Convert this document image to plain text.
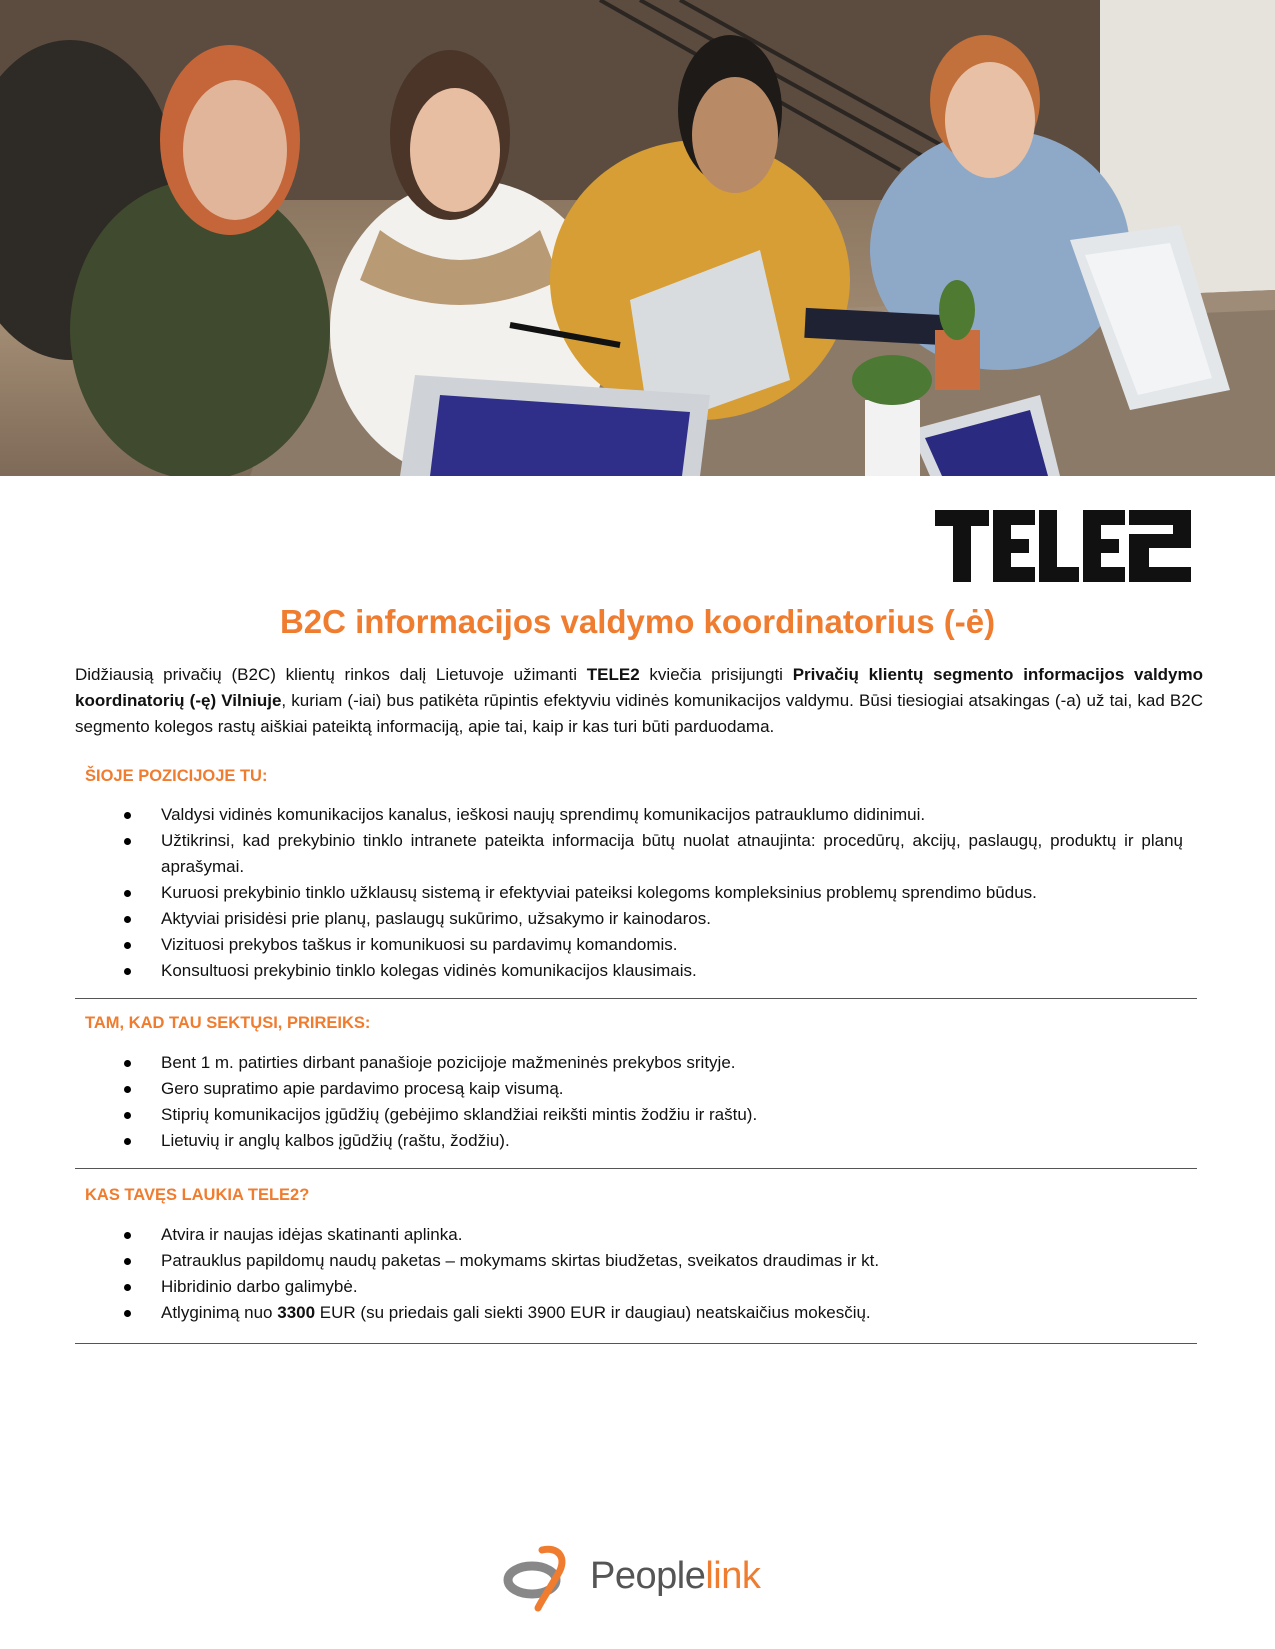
B2C informacijos valdymo koordinatorius (-ė)

Didžiausią privačių (B2C) klientų rinkos dalį Lietuvoje užimanti TELE2 kviečia prisijungti Privačių klientų segmento informacijos valdymo koordinatorių (-ę) Vilniuje, kuriam (-iai) bus patikėta rūpintis efektyviu vidinės komunikacijos valdymu. Būsi tiesiogiai atsakingas (-a) už tai, kad B2C segmento kolegos rastų aiškiai pateiktą informaciją, apie tai, kaip ir kas turi būti parduodama.

ŠIOJE POZICIJOJE TU:
Valdysi vidinės komunikacijos kanalus, ieškosi naujų sprendimų komunikacijos patrauklumo didinimui.
Užtikrinsi, kad prekybinio tinklo intranete pateikta informacija būtų nuolat atnaujinta: procedūrų, akcijų, paslaugų, produktų ir planų aprašymai.
Kuruosi prekybinio tinklo užklausų sistemą ir efektyviai pateiksi kolegoms kompleksinius problemų sprendimo būdus.
Aktyviai prisidėsi prie planų, paslaugų sukūrimo, užsakymo ir kainodaros.
Vizituosi prekybos taškus ir komunikuosi su pardavimų komandomis.
Konsultuosi prekybinio tinklo kolegas vidinės komunikacijos klausimais.
TAM, KAD TAU SEKTŲSI, PRIREIKS:
Bent 1 m. patirties dirbant panašioje pozicijoje mažmeninės prekybos srityje.
Gero supratimo apie pardavimo procesą kaip visumą.
Stiprių komunikacijos įgūdžių (gebėjimo sklandžiai reikšti mintis žodžiu ir raštu).
Lietuvių ir anglų kalbos įgūdžių (raštu, žodžiu).
KAS TAVĘS LAUKIA TELE2?
Atvira ir naujas idėjas skatinanti aplinka.
Patrauklus papildomų naudų paketas – mokymams skirtas biudžetas, sveikatos draudimas ir kt.
Hibridinio darbo galimybė.
Atlyginimą nuo 3300 EUR (su priedais gali siekti 3900 EUR ir daugiau) neatskaičius mokesčių.
Peoplelink
